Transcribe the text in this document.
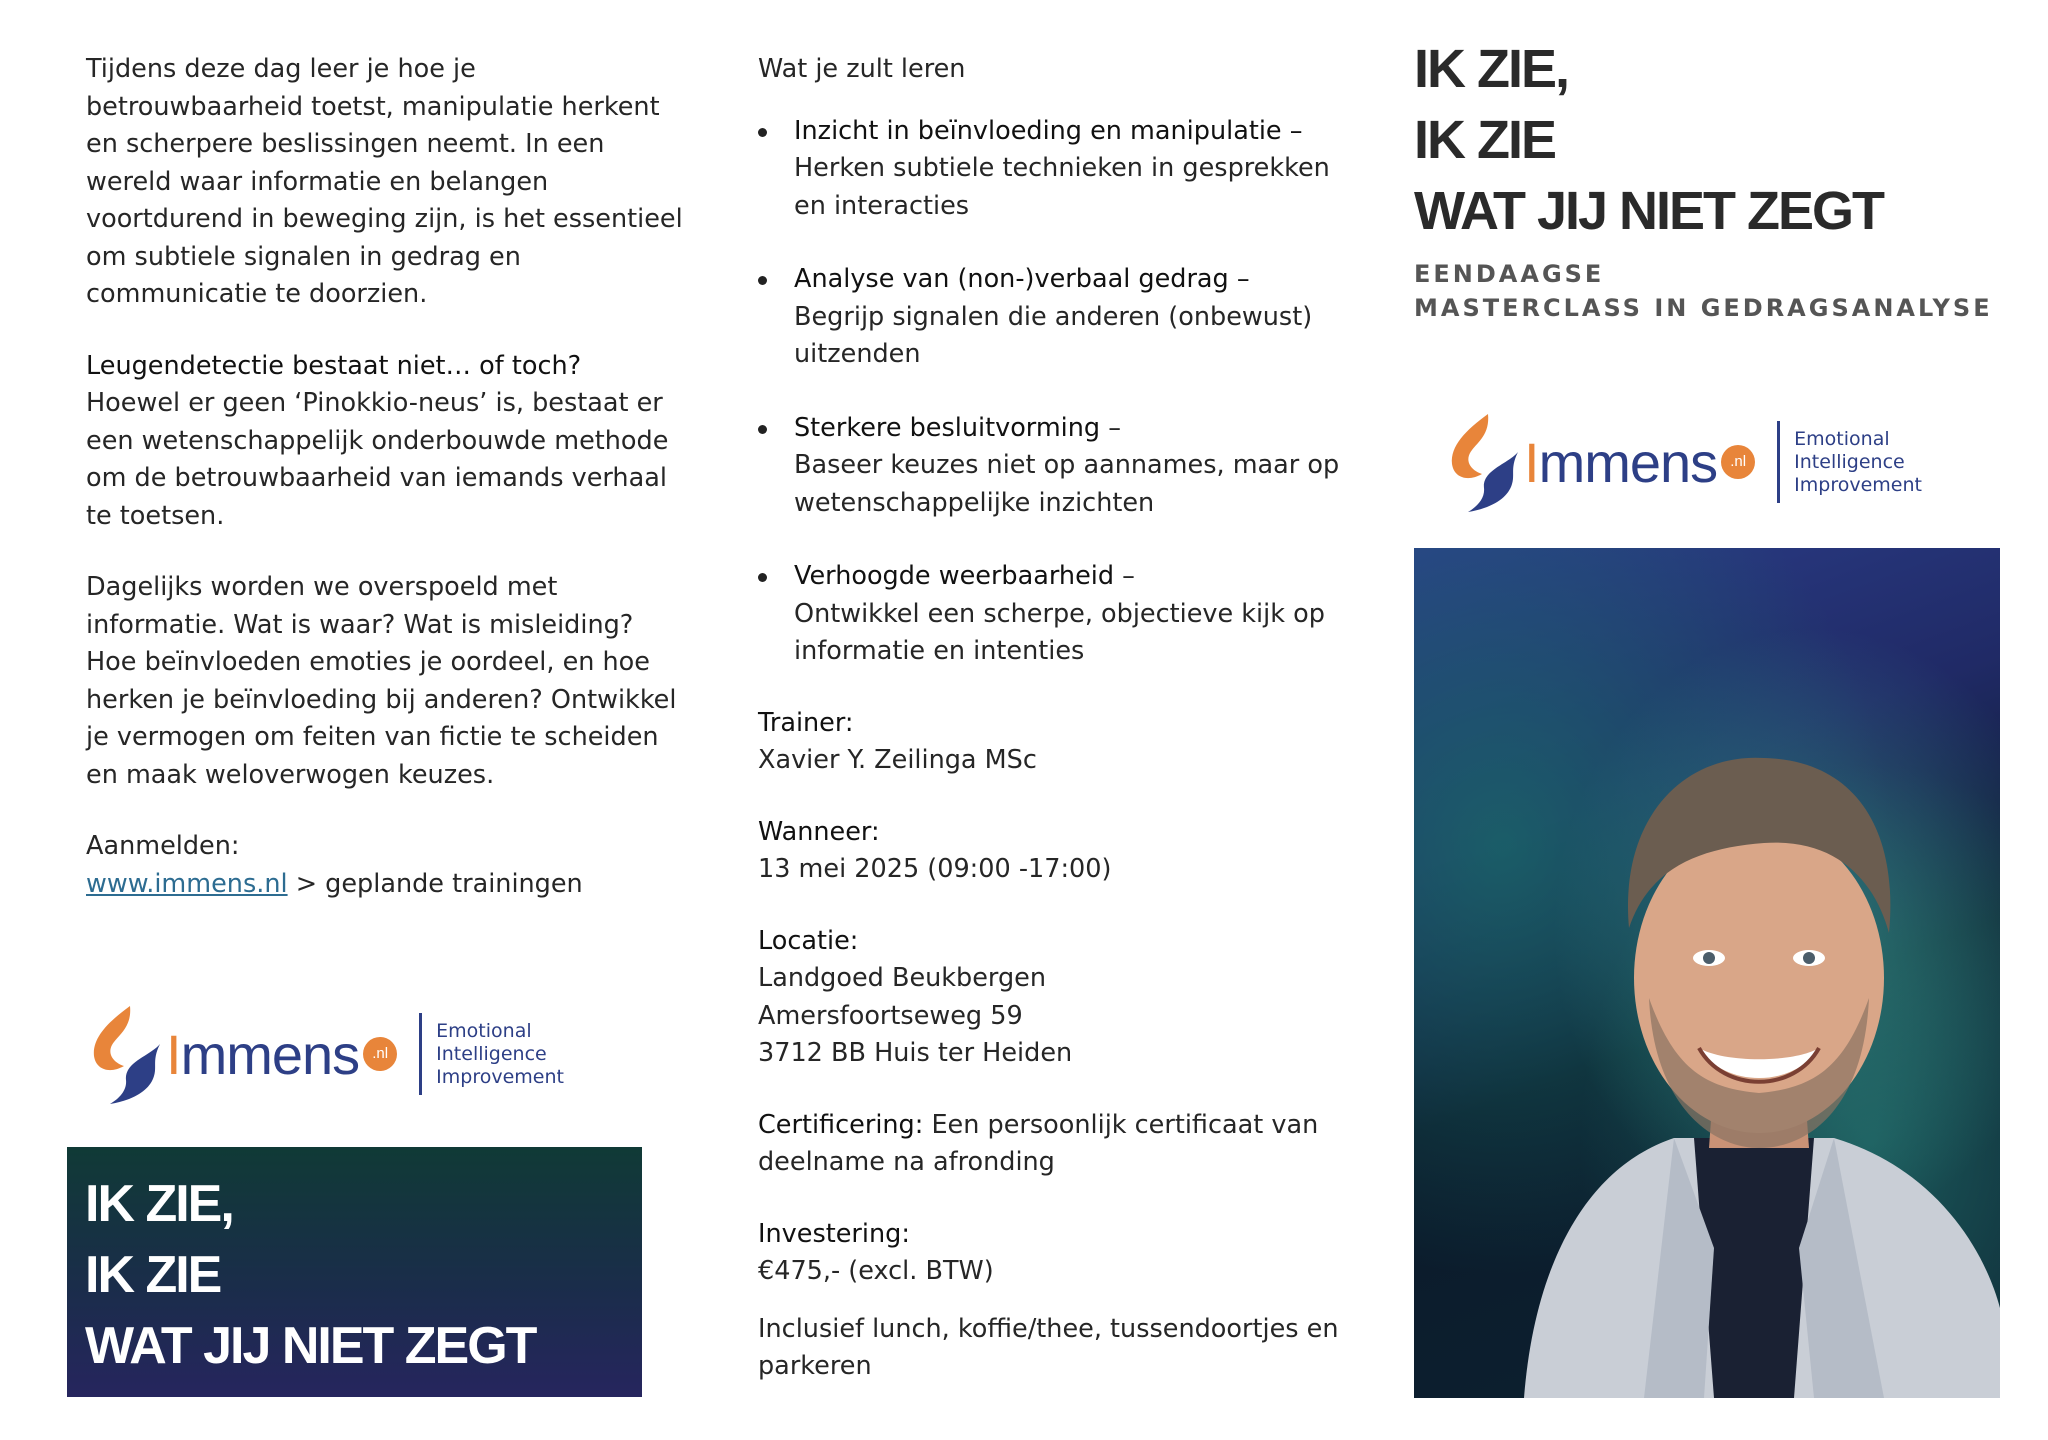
Tijdens deze dag leer je hoe je betrouwbaarheid toetst, manipulatie herkent en scherpere beslissingen neemt. In een wereld waar informatie en belangen voortdurend in beweging zijn, is het essentieel om subtiele signalen in gedrag en communicatie te doorzien.

Leugendetectie bestaat niet… of toch?

Hoewel er geen ‘Pinokkio-neus’ is, bestaat er een wetenschappelijk onderbouwde methode om de betrouwbaarheid van iemands verhaal te toetsen.

Dagelijks worden we overspoeld met informatie. Wat is waar? Wat is misleiding? Hoe beïnvloeden emoties je oordeel, en hoe herken je beïnvloeding bij anderen? Ontwikkel je vermogen om feiten van fictie te scheiden en maak weloverwogen keuzes.

Aanmelden:

www.immens.nl > geplande trainingen

Immens .nl
Emotional
Intelligence
Improvement

IK ZIE,

IK ZIE

WAT JIJ NIET ZEGT

Wat je zult leren

Inzicht in beïnvloeding en manipulatie –

Herken subtiele technieken in gesprekken en interacties

Analyse van (non-)verbaal gedrag –

Begrijp signalen die anderen (onbewust) uitzenden

Sterkere besluitvorming –

Baseer keuzes niet op aannames, maar op wetenschappelijke inzichten

Verhoogde weerbaarheid –

Ontwikkel een scherpe, objectieve kijk op informatie en intenties

Trainer:

Xavier Y. Zeilinga MSc

Wanneer:

13 mei 2025 (09:00 -17:00)

Locatie:

Landgoed Beukbergen

Amersfoortseweg 59

3712 BB Huis ter Heiden

Certificering: Een persoonlijk certificaat van deelname na afronding

Investering:

€475,- (excl. BTW)

Inclusief lunch, koffie/thee, tussendoortjes en parkeren

IK ZIE,

IK ZIE

WAT JIJ NIET ZEGT

EENDAAGSE

MASTERCLASS IN GEDRAGSANALYSE

Immens .nl
Emotional
Intelligence
Improvement
